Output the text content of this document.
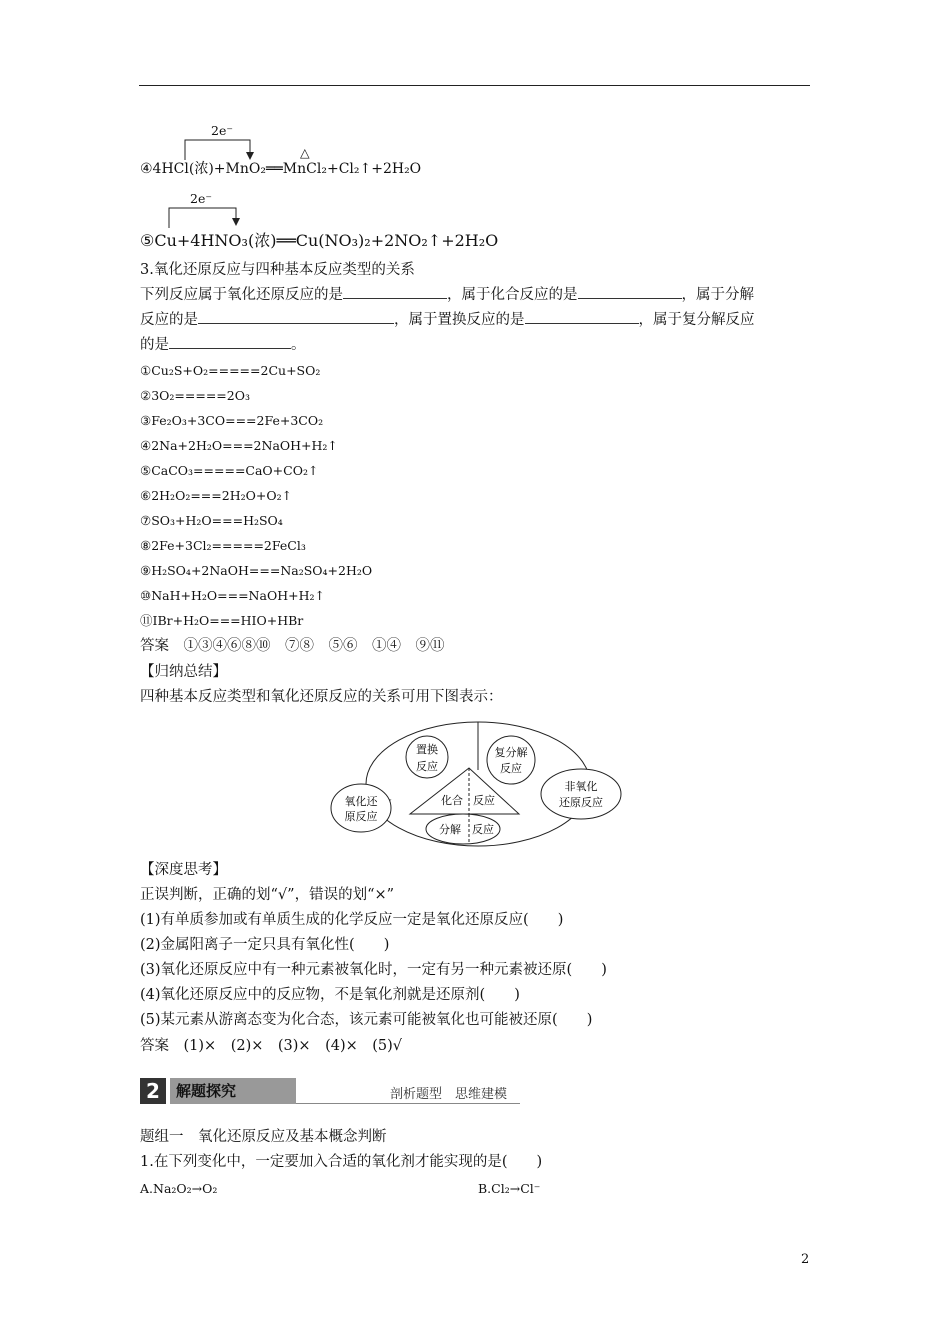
2e⁻
△
④4HCl(浓)+MnO₂══MnCl₂+Cl₂↑+2H₂O
2e⁻
⑤Cu+4HNO₃(浓)══Cu(NO₃)₂+2NO₂↑+2H₂O
3.氧化还原反应与四种基本反应类型的关系
下列反应属于氧化还原反应的是	，属于化合反应的是	，属于分解
反应的是	，属于置换反应的是	，属于复分解反应
的是	。
①Cu₂S+O₂=====2Cu+SO₂
②3O₂=====2O₃
③Fe₂O₃+3CO===2Fe+3CO₂
④2Na+2H₂O===2NaOH+H₂↑
⑤CaCO₃=====CaO+CO₂↑
⑥2H₂O₂===2H₂O+O₂↑
⑦SO₃+H₂O===H₂SO₄
⑧2Fe+3Cl₂=====2FeCl₃
⑨H₂SO₄+2NaOH===Na₂SO₄+2H₂O
⑩NaH+H₂O===NaOH+H₂↑
⑪IBr+H₂O===HIO+HBr
答案　①③④⑥⑧⑩　⑦⑧　⑤⑥　①④　⑨⑪
【归纳总结】
四种基本反应类型和氧化还原反应的关系可用下图表示：
氧化还
原反应
非氧化
还原反应
置换
反应
复分解
反应
化合 反应
分解 反应
【深度思考】
正误判断，正确的划“√”，错误的划“×”
(1)有单质参加或有单质生成的化学反应一定是氧化还原反应(　　)
(2)金属阳离子一定只具有氧化性(　　)
(3)氧化还原反应中有一种元素被氧化时，一定有另一种元素被还原(　　)
(4)氧化还原反应中的反应物，不是氧化剂就是还原剂(　　)
(5)某元素从游离态变为化合态，该元素可能被氧化也可能被还原(　　)
答案　(1)×　(2)×　(3)×　(4)×　(5)√
2	解题探究	剖析题型　思维建模
题组一　氧化还原反应及基本概念判断
1.在下列变化中，一定要加入合适的氧化剂才能实现的是(　　)
A.Na₂O₂→O₂	B.Cl₂→Cl⁻
2
